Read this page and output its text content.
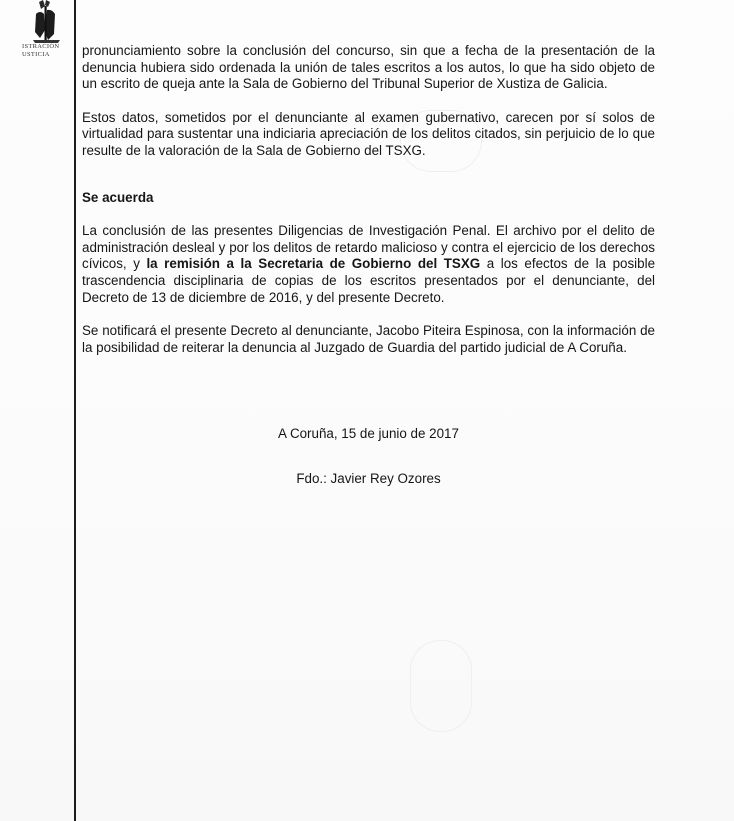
ISTRACIÓN
USTICIA	pronunciamiento sobre la conclusión del concurso, sin que a fecha de la presentación de la denuncia hubiera sido ordenada la unión de tales escritos a los autos, lo que ha sido objeto de un escrito de queja ante la Sala de Gobierno del Tribunal Superior de Xustiza de Galicia.

Estos datos, sometidos por el denunciante al examen gubernativo, carecen por sí solos de virtualidad para sustentar una indiciaria apreciación de los delitos citados, sin perjuicio de lo que resulte de la valoración de la Sala de Gobierno del TSXG.

Se acuerda

La conclusión de las presentes Diligencias de Investigación Penal. El archivo por el delito de administración desleal y por los delitos de retardo malicioso y contra el ejercicio de los derechos cívicos, y la remisión a la Secretaria de Gobierno del TSXG a los efectos de la posible trascendencia disciplinaria de copias de los escritos presentados por el denunciante, del Decreto de 13 de diciembre de 2016, y del presente Decreto.

Se notificará el presente Decreto al denunciante, Jacobo Piteira Espinosa, con la información de la posibilidad de reiterar la denuncia al Juzgado de Guardia del partido judicial de A Coruña.

A Coruña, 15 de junio de 2017
Fdo.: Javier Rey Ozores
